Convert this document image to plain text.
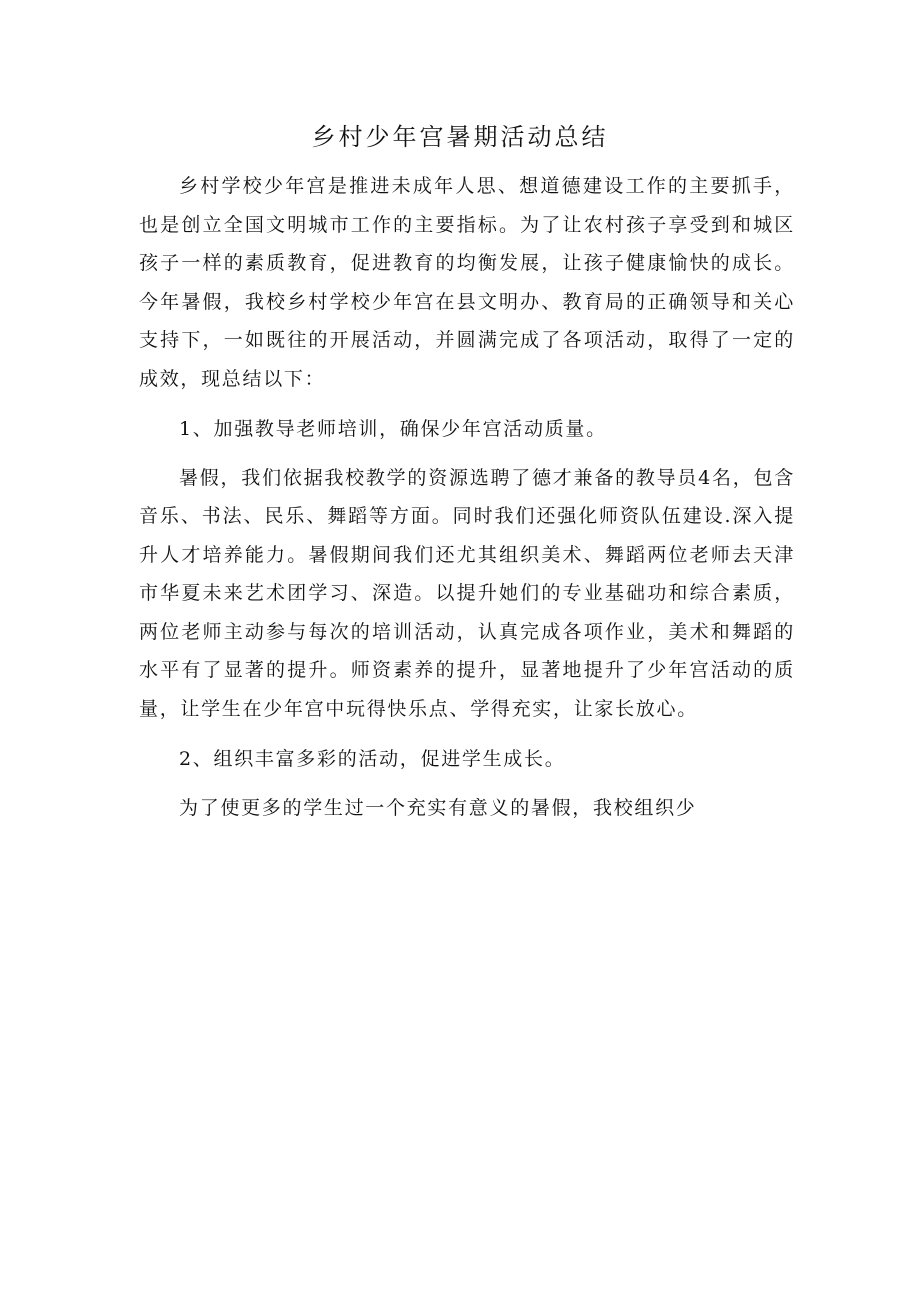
乡村少年宫暑期活动总结

乡村学校少年宫是推进未成年人思、想道德建设工作的主要抓手，也是创立全国文明城市工作的主要指标。为了让农村孩子享受到和城区孩子一样的素质教育，促进教育的均衡发展，让孩子健康愉快的成长。今年暑假，我校乡村学校少年宫在县文明办、教育局的正确领导和关心支持下，一如既往的开展活动，并圆满完成了各项活动，取得了一定的成效，现总结以下：

1、加强教导老师培训，确保少年宫活动质量。

暑假，我们依据我校教学的资源选聘了德才兼备的教导员4名，包含音乐、书法、民乐、舞蹈等方面。同时我们还强化师资队伍建设.深入提升人才培养能力。暑假期间我们还尤其组织美术、舞蹈两位老师去天津市华夏未来艺术团学习、深造。以提升她们的专业基础功和综合素质，两位老师主动参与每次的培训活动，认真完成各项作业，美术和舞蹈的水平有了显著的提升。师资素养的提升，显著地提升了少年宫活动的质量，让学生在少年宫中玩得快乐点、学得充实，让家长放心。

2、组织丰富多彩的活动，促进学生成长。

为了使更多的学生过一个充实有意义的暑假，我校组织少
